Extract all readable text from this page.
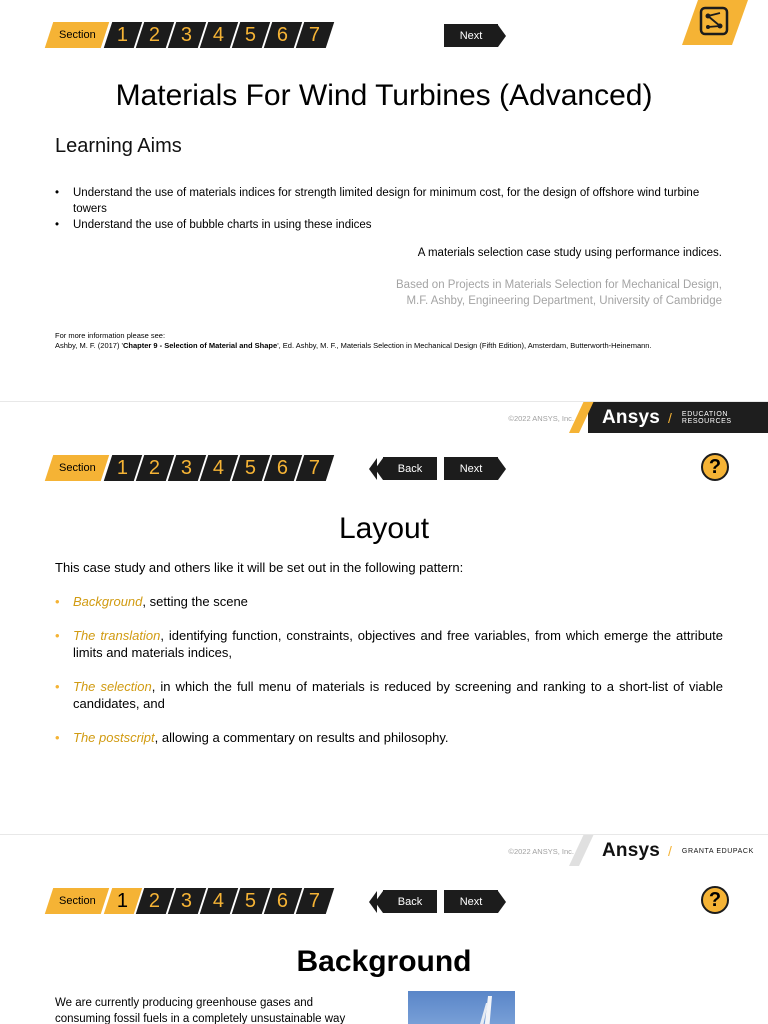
Section 1 2 3 4 5 6 7	Next
Materials For Wind Turbines (Advanced)
Learning Aims
• Understand the use of materials indices for strength limited design for minimum cost, for the design of offshore wind turbine towers
• Understand the use of bubble charts in using these indices
A materials selection case study using performance indices.
Based on Projects in Materials Selection for Mechanical Design,
M.F. Ashby, Engineering Department, University of Cambridge
For more information please see:
Ashby, M. F. (2017) 'Chapter 9 - Selection of Material and Shape', Ed. Ashby, M. F., Materials Selection in Mechanical Design (Fifth Edition), Amsterdam, Butterworth-Heinemann.
©2022 ANSYS, Inc. Ansys / EDUCATION RESOURCES
Section 1 2 3 4 5 6 7	Back	Next	?
Layout
This case study and others like it will be set out in the following pattern:
• Background, setting the scene
• The translation, identifying function, constraints, objectives and free variables, from which emerge the attribute limits and materials indices,
• The selection, in which the full menu of materials is reduced by screening and ranking to a short-list of viable candidates, and
• The postscript, allowing a commentary on results and philosophy.
©2022 ANSYS, Inc. Ansys / GRANTA EDUPACK
Section 1 2 3 4 5 6 7	Back	Next	?
Background
We are currently producing greenhouse gases and
consuming fossil fuels in a completely unsustainable way
